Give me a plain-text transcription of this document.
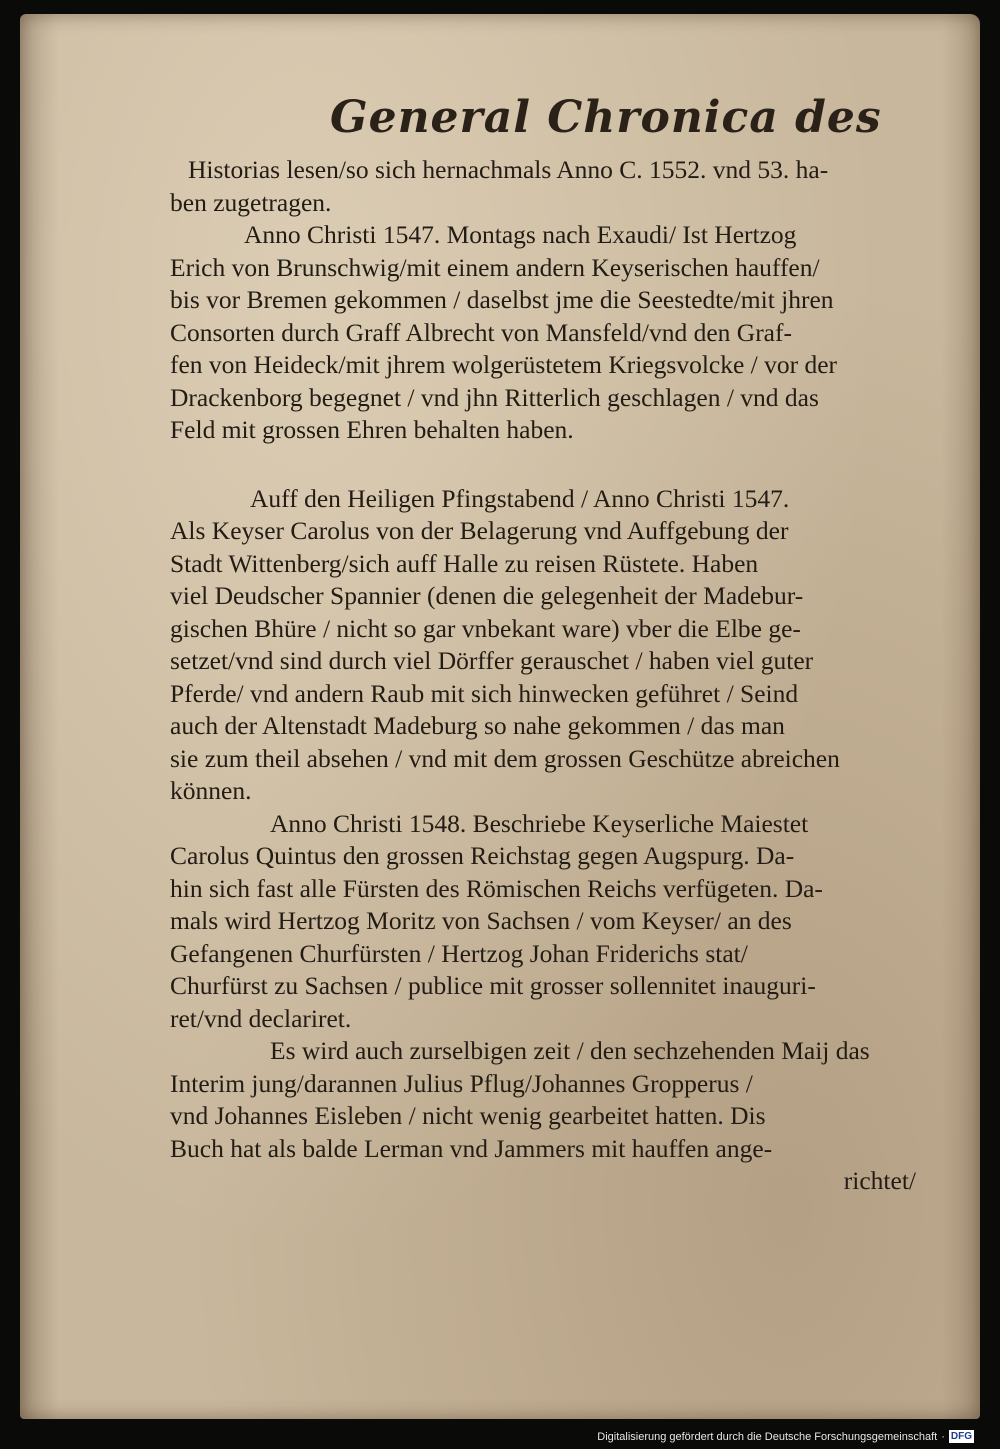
General Chronica des
Historias lesen/so sich hernachmals Anno C. 1552. vnd 53. ha-
ben zugetragen.
Anno Christi 1547. Montags nach Exaudi/ Ist Hertzog
Erich von Brunschwig/mit einem andern Keyserischen hauffen/
bis vor Bremen gekommen / daselbst jme die Seestedte/mit jhren
Consorten durch Graff Albrecht von Mansfeld/vnd den Graf-
fen von Heideck/mit jhrem wolgerüstetem Kriegsvolcke / vor der
Drackenborg begegnet / vnd jhn Ritterlich geschlagen / vnd das
Feld mit grossen Ehren behalten haben.
Auff den Heiligen Pfingstabend / Anno Christi 1547.
Als Keyser Carolus von der Belagerung vnd Auffgebung der
Stadt Wittenberg/sich auff Halle zu reisen Rüstete. Haben
viel Deudscher Spannier (denen die gelegenheit der Madebur-
gischen Bhüre / nicht so gar vnbekant ware) vber die Elbe ge-
setzet/vnd sind durch viel Dörffer gerauschet / haben viel guter
Pferde/ vnd andern Raub mit sich hinwecken geführet / Seind
auch der Altenstadt Madeburg so nahe gekommen / das man
sie zum theil absehen / vnd mit dem grossen Geschütze abreichen
können.
Anno Christi 1548. Beschriebe Keyserliche Maiestet
Carolus Quintus den grossen Reichstag gegen Augspurg. Da-
hin sich fast alle Fürsten des Römischen Reichs verfügeten. Da-
mals wird Hertzog Moritz von Sachsen / vom Keyser/ an des
Gefangenen Churfürsten / Hertzog Johan Friderichs stat/
Churfürst zu Sachsen / publice mit grosser sollennitet inauguri-
ret/vnd declariret.
Es wird auch zurselbigen zeit / den sechzehenden Maij das
Interim jung/darannen Julius Pflug/Johannes Gropperus /
vnd Johannes Eisleben / nicht wenig gearbeitet hatten. Dis
Buch hat als balde Lerman vnd Jammers mit hauffen ange-
richtet/
Digitalisierung gefördert durch die Deutsche Forschungsgemeinschaft · DFG
